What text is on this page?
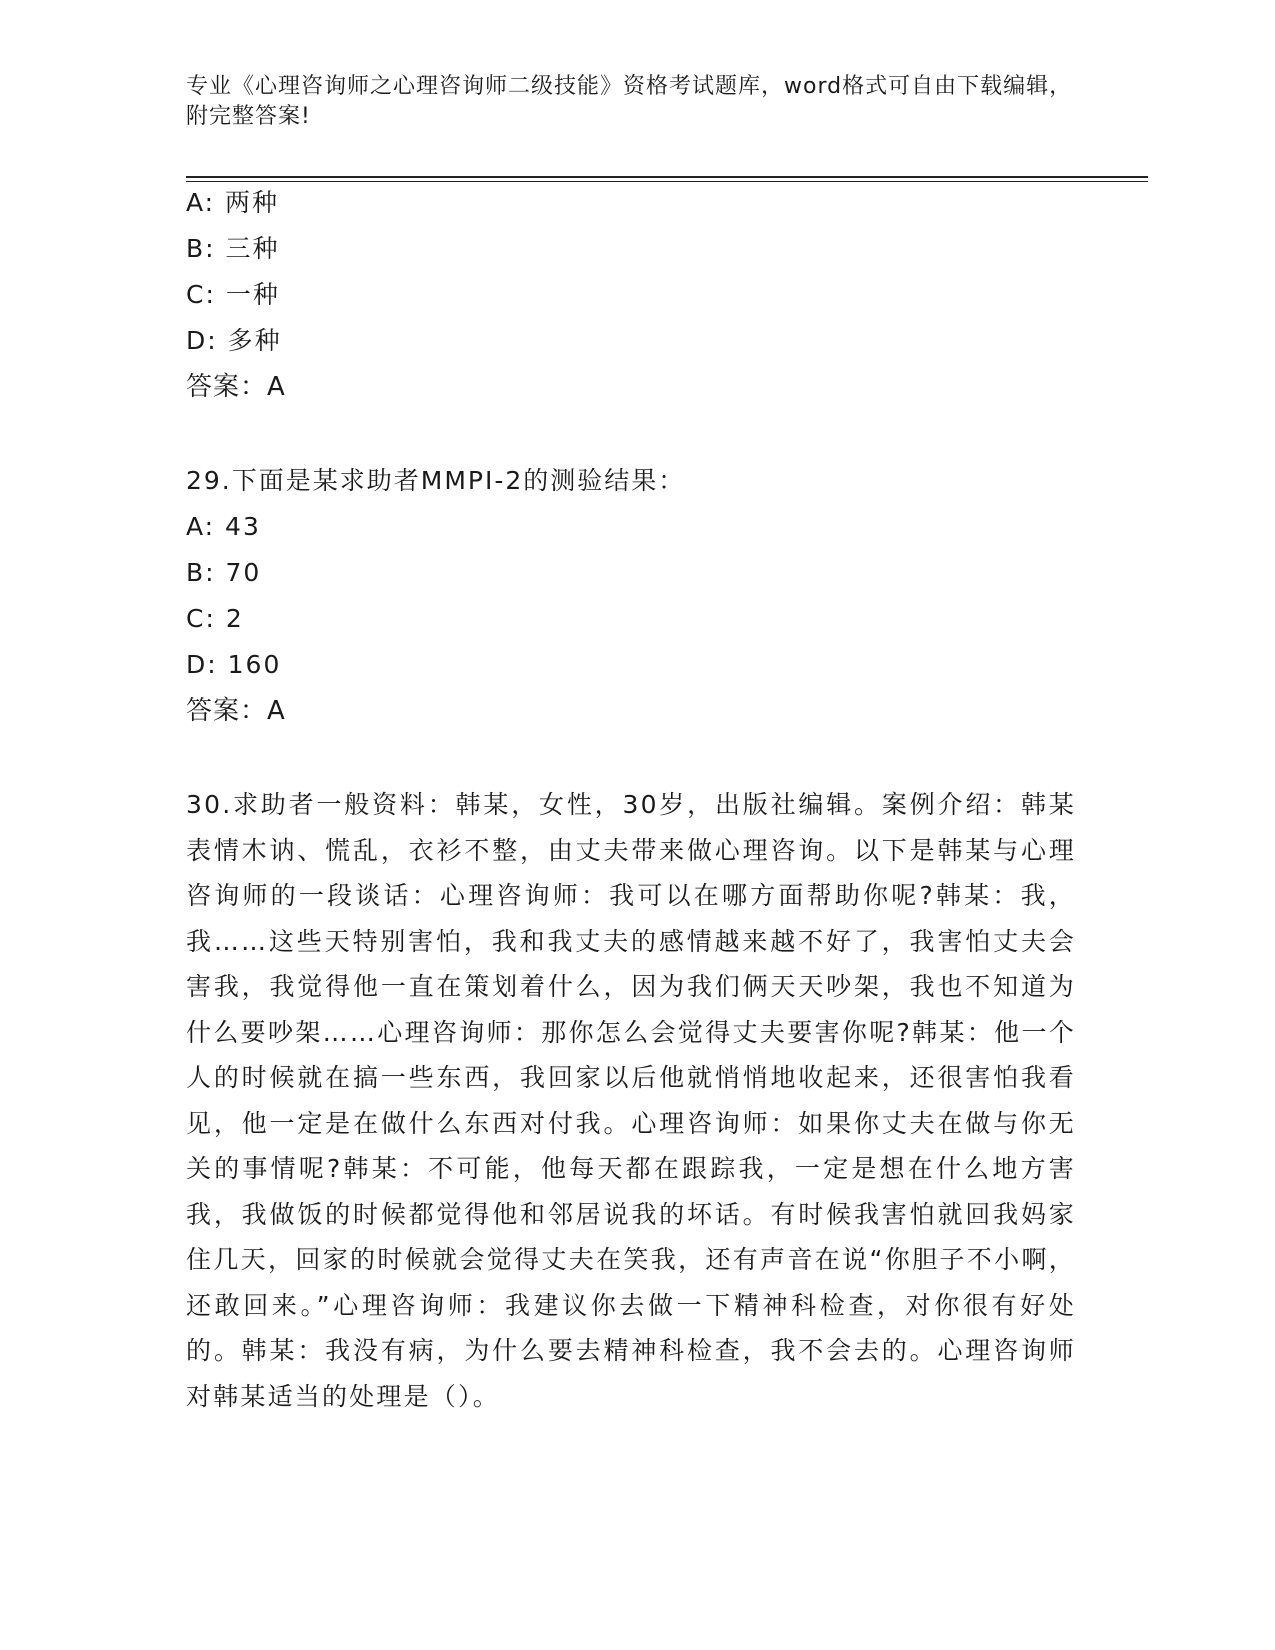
专业《心理咨询师之心理咨询师二级技能》资格考试题库，word格式可自由下载编辑，附完整答案!
A: 两种
B: 三种
C: 一种
D: 多种
答案：A
29.下面是某求助者MMPI-2的测验结果：
A: 43
B: 70
C: 2
D: 160
答案：A
30.求助者一般资料：韩某，女性，30岁，出版社编辑。案例介绍：韩某表情木讷、慌乱，衣衫不整，由丈夫带来做心理咨询。以下是韩某与心理咨询师的一段谈话：心理咨询师：我可以在哪方面帮助你呢?韩某：我，我……这些天特别害怕，我和我丈夫的感情越来越不好了，我害怕丈夫会害我，我觉得他一直在策划着什么，因为我们俩天天吵架，我也不知道为什么要吵架……心理咨询师：那你怎么会觉得丈夫要害你呢?韩某：他一个人的时候就在搞一些东西，我回家以后他就悄悄地收起来，还很害怕我看见，他一定是在做什么东西对付我。心理咨询师：如果你丈夫在做与你无关的事情呢?韩某：不可能，他每天都在跟踪我，一定是想在什么地方害我，我做饭的时候都觉得他和邻居说我的坏话。有时候我害怕就回我妈家住几天，回家的时候就会觉得丈夫在笑我，还有声音在说“你胆子不小啊，还敢回来。”心理咨询师：我建议你去做一下精神科检查，对你很有好处的。韩某：我没有病，为什么要去精神科检查，我不会去的。心理咨询师对韩某适当的处理是（）。
